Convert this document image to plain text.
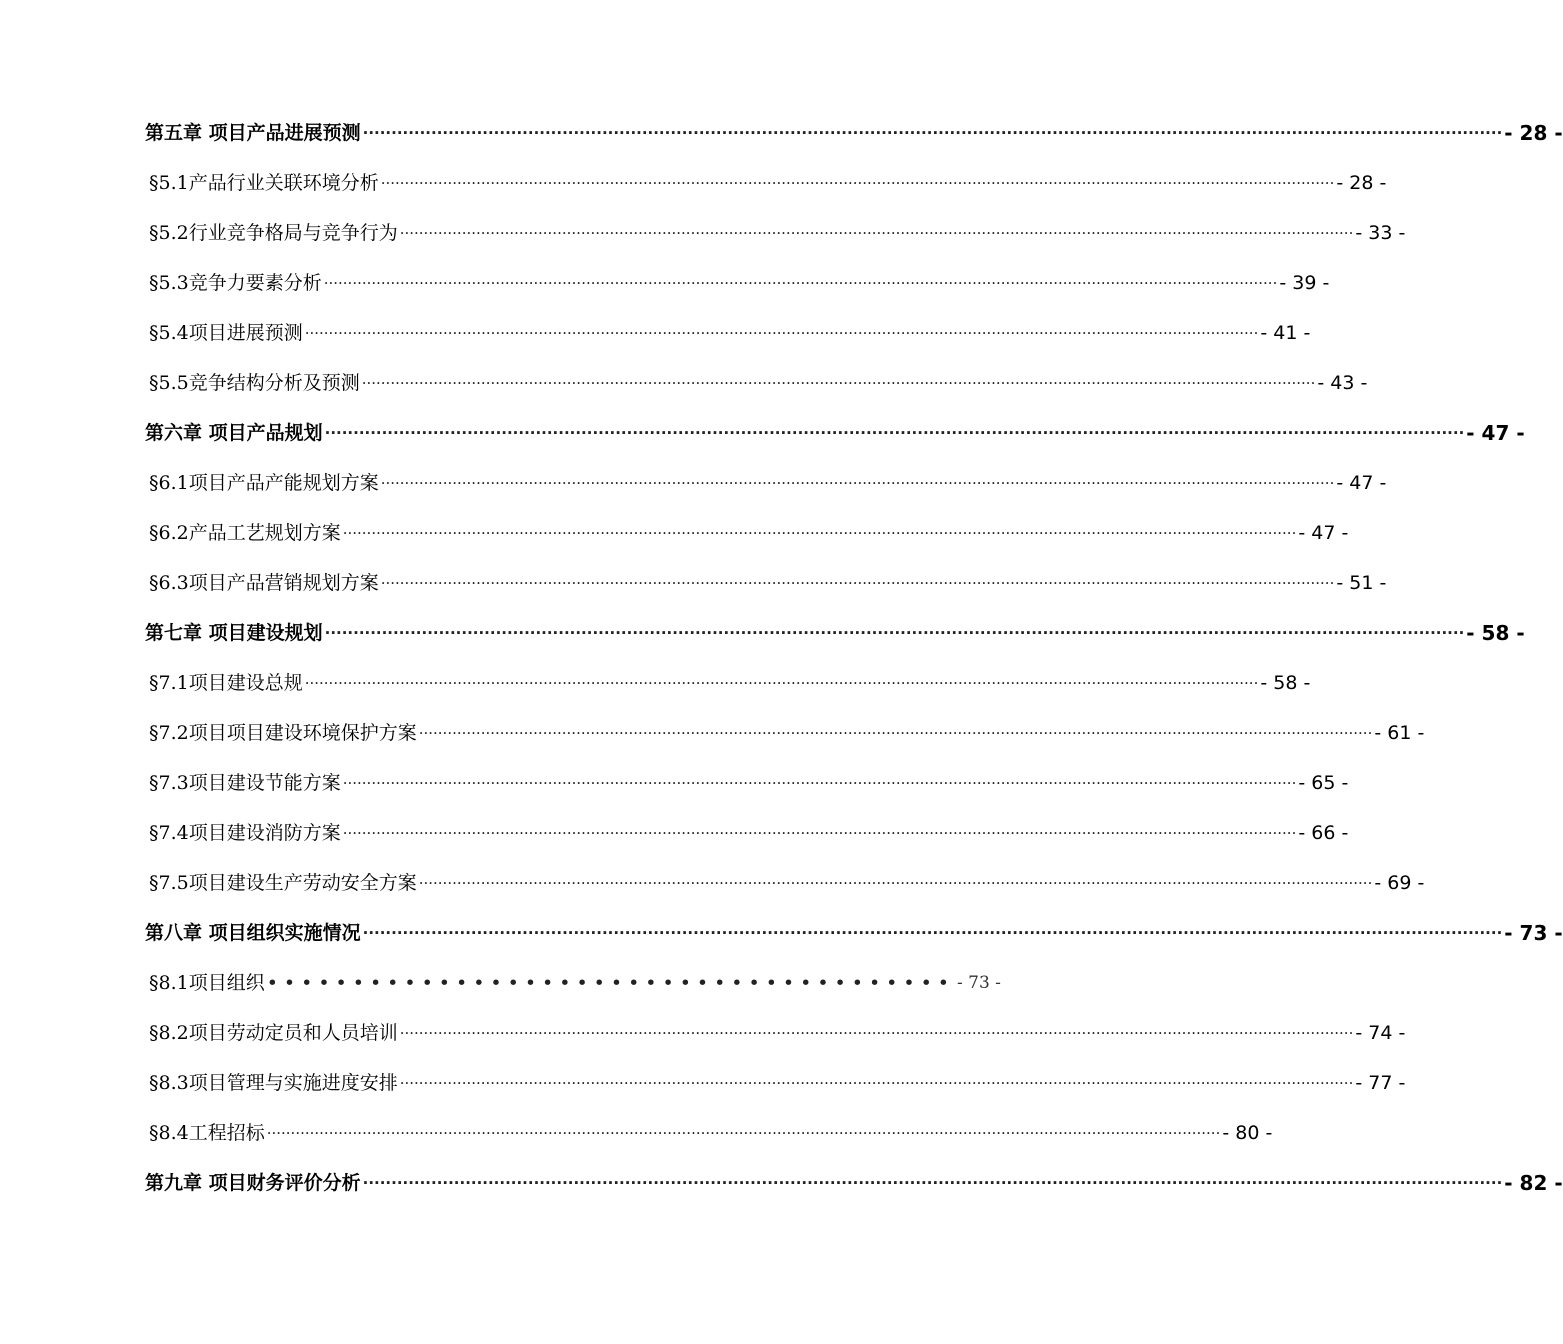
第五章 项目产品进展预测 ········································································································································································································ - 28 -
§5.1产品行业关联环境分析 ········································································································································································································ - 28 -
§5.2行业竞争格局与竞争行为 ········································································································································································································ - 33 -
§5.3竞争力要素分析 ········································································································································································································ - 39 -
§5.4项目进展预测 ········································································································································································································ - 41 -
§5.5竞争结构分析及预测 ········································································································································································································ - 43 -
第六章 项目产品规划 ········································································································································································································ - 47 -
§6.1项目产品产能规划方案 ········································································································································································································ - 47 -
§6.2产品工艺规划方案 ········································································································································································································ - 47 -
§6.3项目产品营销规划方案 ········································································································································································································ - 51 -
第七章 项目建设规划 ········································································································································································································ - 58 -
§7.1项目建设总规 ········································································································································································································ - 58 -
§7.2项目项目建设环境保护方案 ········································································································································································································ - 61 -
§7.3项目建设节能方案 ········································································································································································································ - 65 -
§7.4项目建设消防方案 ········································································································································································································ - 66 -
§7.5项目建设生产劳动安全方案 ········································································································································································································ - 69 -
第八章 项目组织实施情况 ········································································································································································································ - 73 -
§8.1项目组织 •••••••••••••••••••••••••••••••••••••••• - 73 -
§8.2项目劳动定员和人员培训 ········································································································································································································ - 74 -
§8.3项目管理与实施进度安排 ········································································································································································································ - 77 -
§8.4工程招标 ········································································································································································································ - 80 -
第九章 项目财务评价分析 ········································································································································································································ - 82 -
